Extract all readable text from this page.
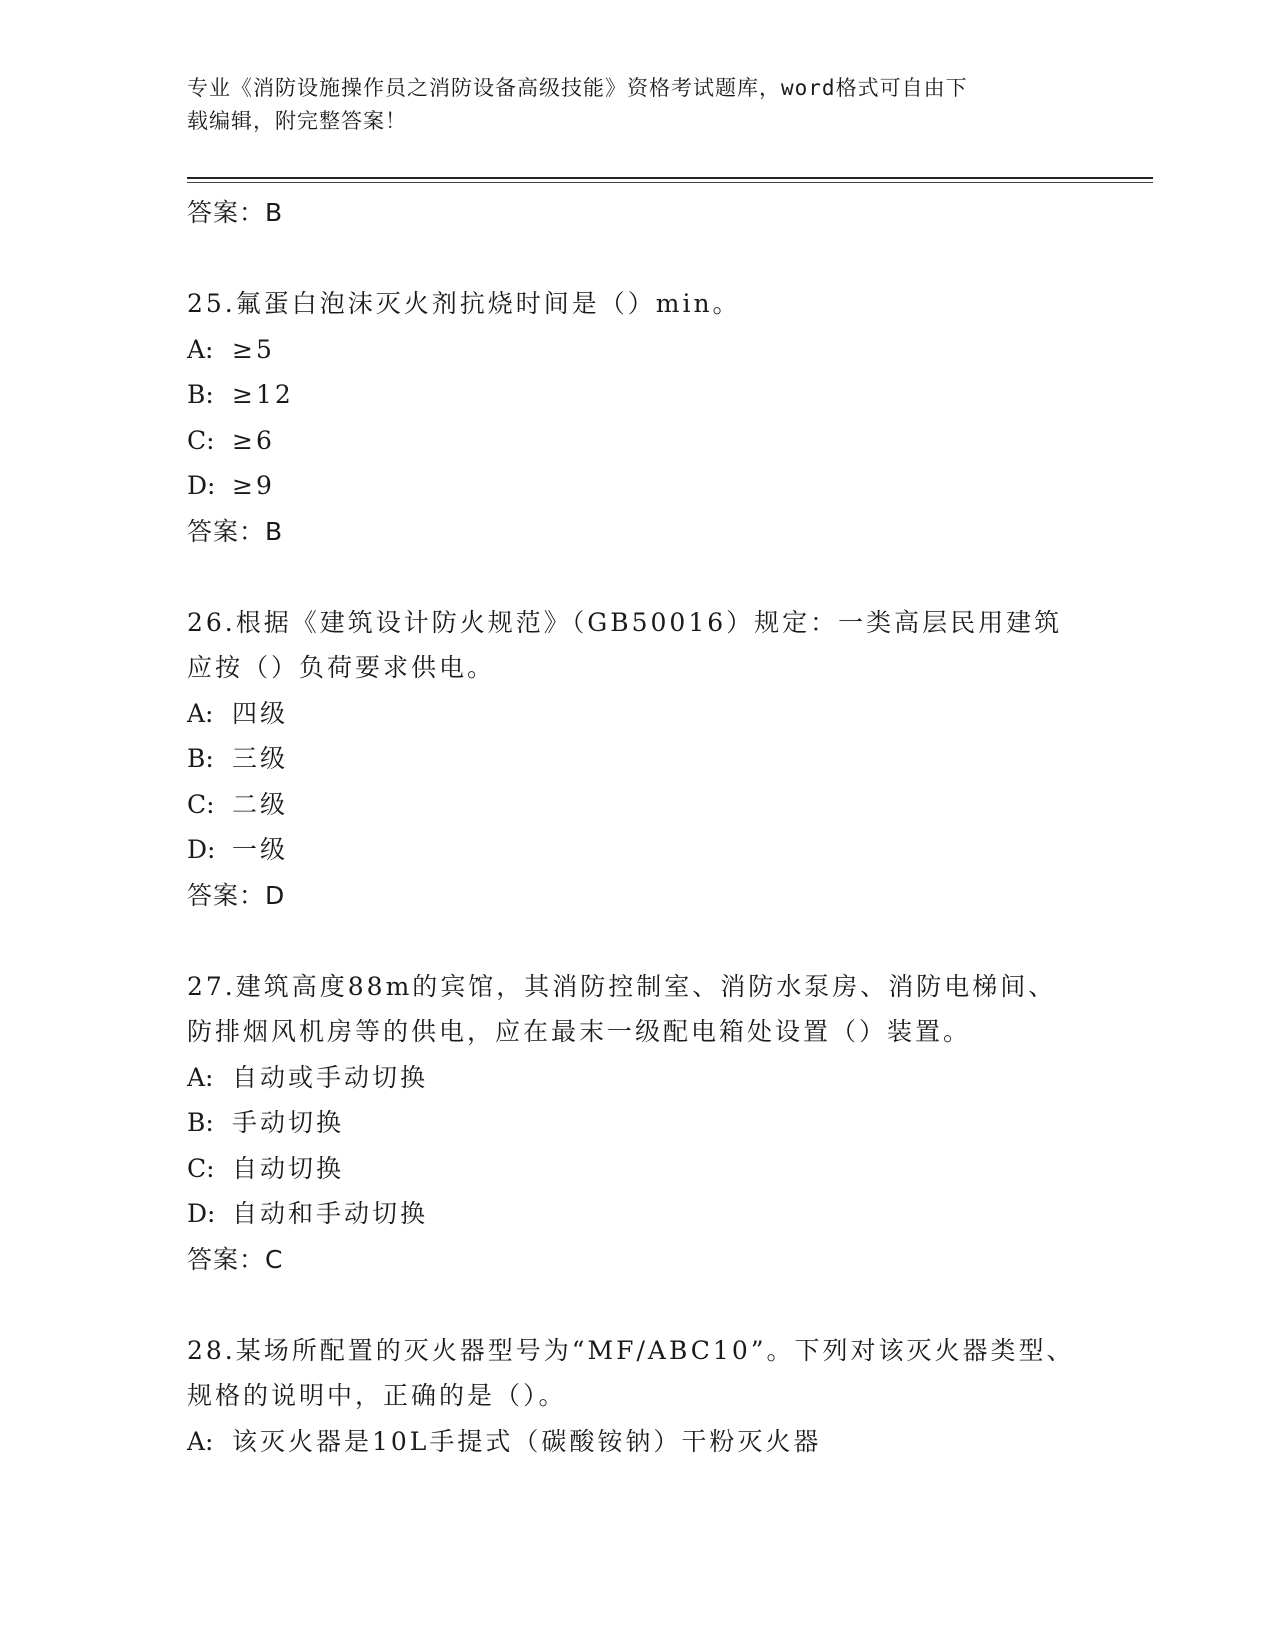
专业《消防设施操作员之消防设备高级技能》资格考试题库，word格式可自由下
载编辑，附完整答案！
答案：B
25.氟蛋白泡沫灭火剂抗烧时间是（）min。
A: ≥5
B: ≥12
C: ≥6
D: ≥9
答案：B
26.根据《建筑设计防火规范》（GB50016）规定：一类高层民用建筑
应按（）负荷要求供电。
A: 四级
B: 三级
C: 二级
D: 一级
答案：D
27.建筑高度88m的宾馆，其消防控制室、消防水泵房、消防电梯间、
防排烟风机房等的供电，应在最末一级配电箱处设置（）装置。
A: 自动或手动切换
B: 手动切换
C: 自动切换
D: 自动和手动切换
答案：C
28.某场所配置的灭火器型号为“MF/ABC10”。下列对该灭火器类型、
规格的说明中，正确的是（）。
A: 该灭火器是10L手提式（碳酸铵钠）干粉灭火器
